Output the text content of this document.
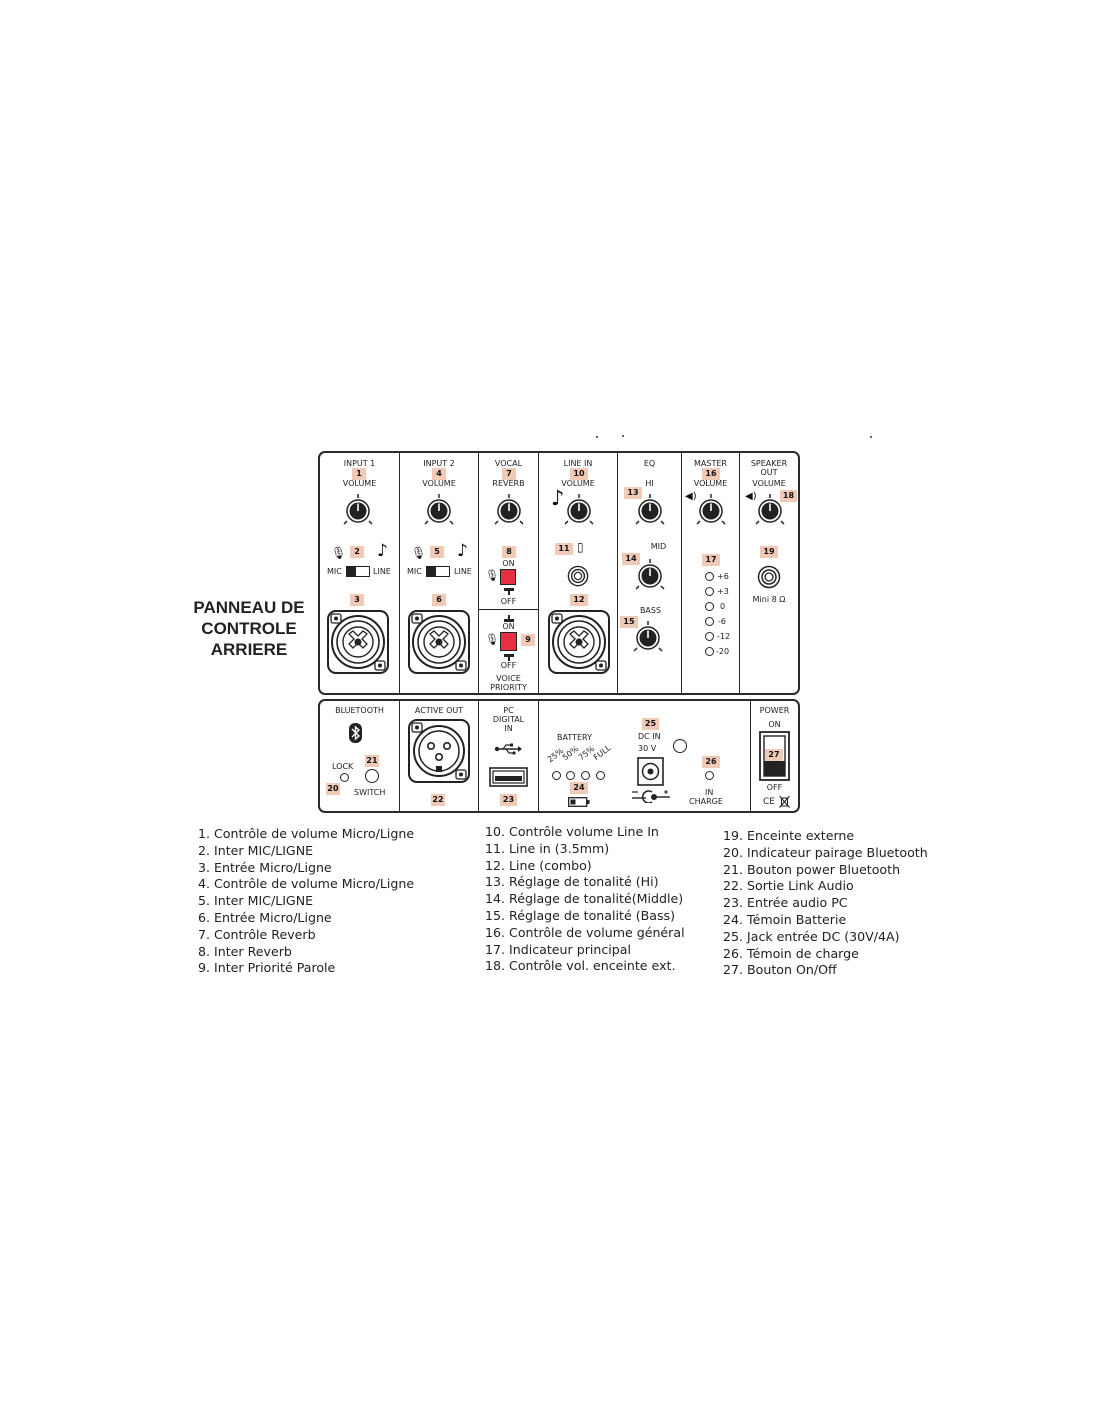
PANNEAU DE
CONTROLE
ARRIERE
INPUT 1
1
VOLUME
🎙 2 ♪
MIC	LINE
3
INPUT 2
4
VOLUME
🎙 5 ♪
MIC	LINE
6
VOCAL
7
REVERB
8
ON
🎙
OFF
ON
🎙	9
OFF
VOICE
PRIORITY
LINE IN
10
VOLUME
♪
11 ▯
12
EQ
HI
13
MID
14
BASS
15
MASTER
16
VOLUME
◀)
17
+6
+3
0
-6
-12
-20
SPEAKER
OUT
VOLUME
◀)	18
19
Mini 8 Ω
BLUETOOTH
LOCK
21
20 SWITCH
ACTIVE OUT
22
PC
DIGITAL
IN
23
BATTERY
25%
50%
75%
FULL
24
25
DC IN
30 V
26
IN
CHARGE
POWER
ON
27
OFF
CE
1. Contrôle de volume Micro/Ligne
2. Inter MIC/LIGNE
3. Entrée Micro/Ligne
4. Contrôle de volume Micro/Ligne
5. Inter MIC/LIGNE
6. Entrée Micro/Ligne
7. Contrôle Reverb
8. Inter Reverb
9. Inter Priorité Parole
10. Contrôle volume Line In
11. Line in (3.5mm)
12. Line (combo)
13. Réglage de tonalité (Hi)
14. Réglage de tonalité(Middle)
15. Réglage de tonalité (Bass)
16. Contrôle de volume général
17. Indicateur principal
18. Contrôle vol. enceinte ext.
19. Enceinte externe
20. Indicateur pairage Bluetooth
21. Bouton power Bluetooth
22. Sortie Link Audio
23. Entrée audio PC
24. Témoin Batterie
25. Jack entrée DC (30V/4A)
26. Témoin de charge
27. Bouton On/Off
